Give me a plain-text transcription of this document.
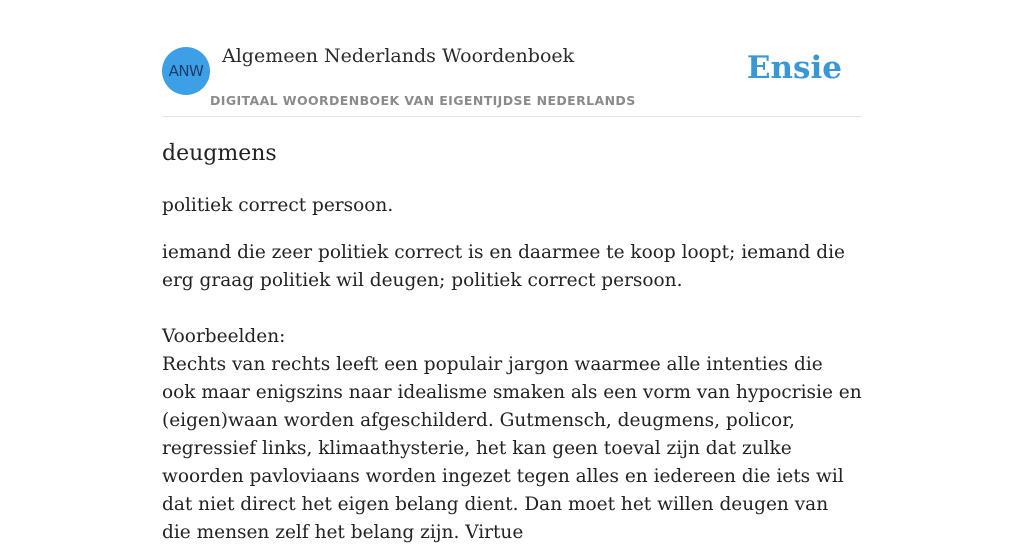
ANW
Algemeen Nederlands Woordenboek
DIGITAAL WOORDENBOEK VAN EIGENTIJDSE NEDERLANDS
Ensie
deugmens

politiek correct persoon.

iemand die zeer politiek correct is en daarmee te koop loopt; iemand die erg graag politiek wil deugen; politiek correct persoon.

Voorbeelden:

Rechts van rechts leeft een populair jargon waarmee alle intenties die ook maar enigszins naar idealisme smaken als een vorm van hypocrisie en (eigen)waan worden afgeschilderd. Gutmensch, deugmens, policor, regressief links, klimaathysterie, het kan geen toeval zijn dat zulke woorden pavloviaans worden ingezet tegen alles en iedereen die iets wil dat niet direct het eigen belang dient. Dan moet het willen deugen van die mensen zelf het belang zijn. Virtue
